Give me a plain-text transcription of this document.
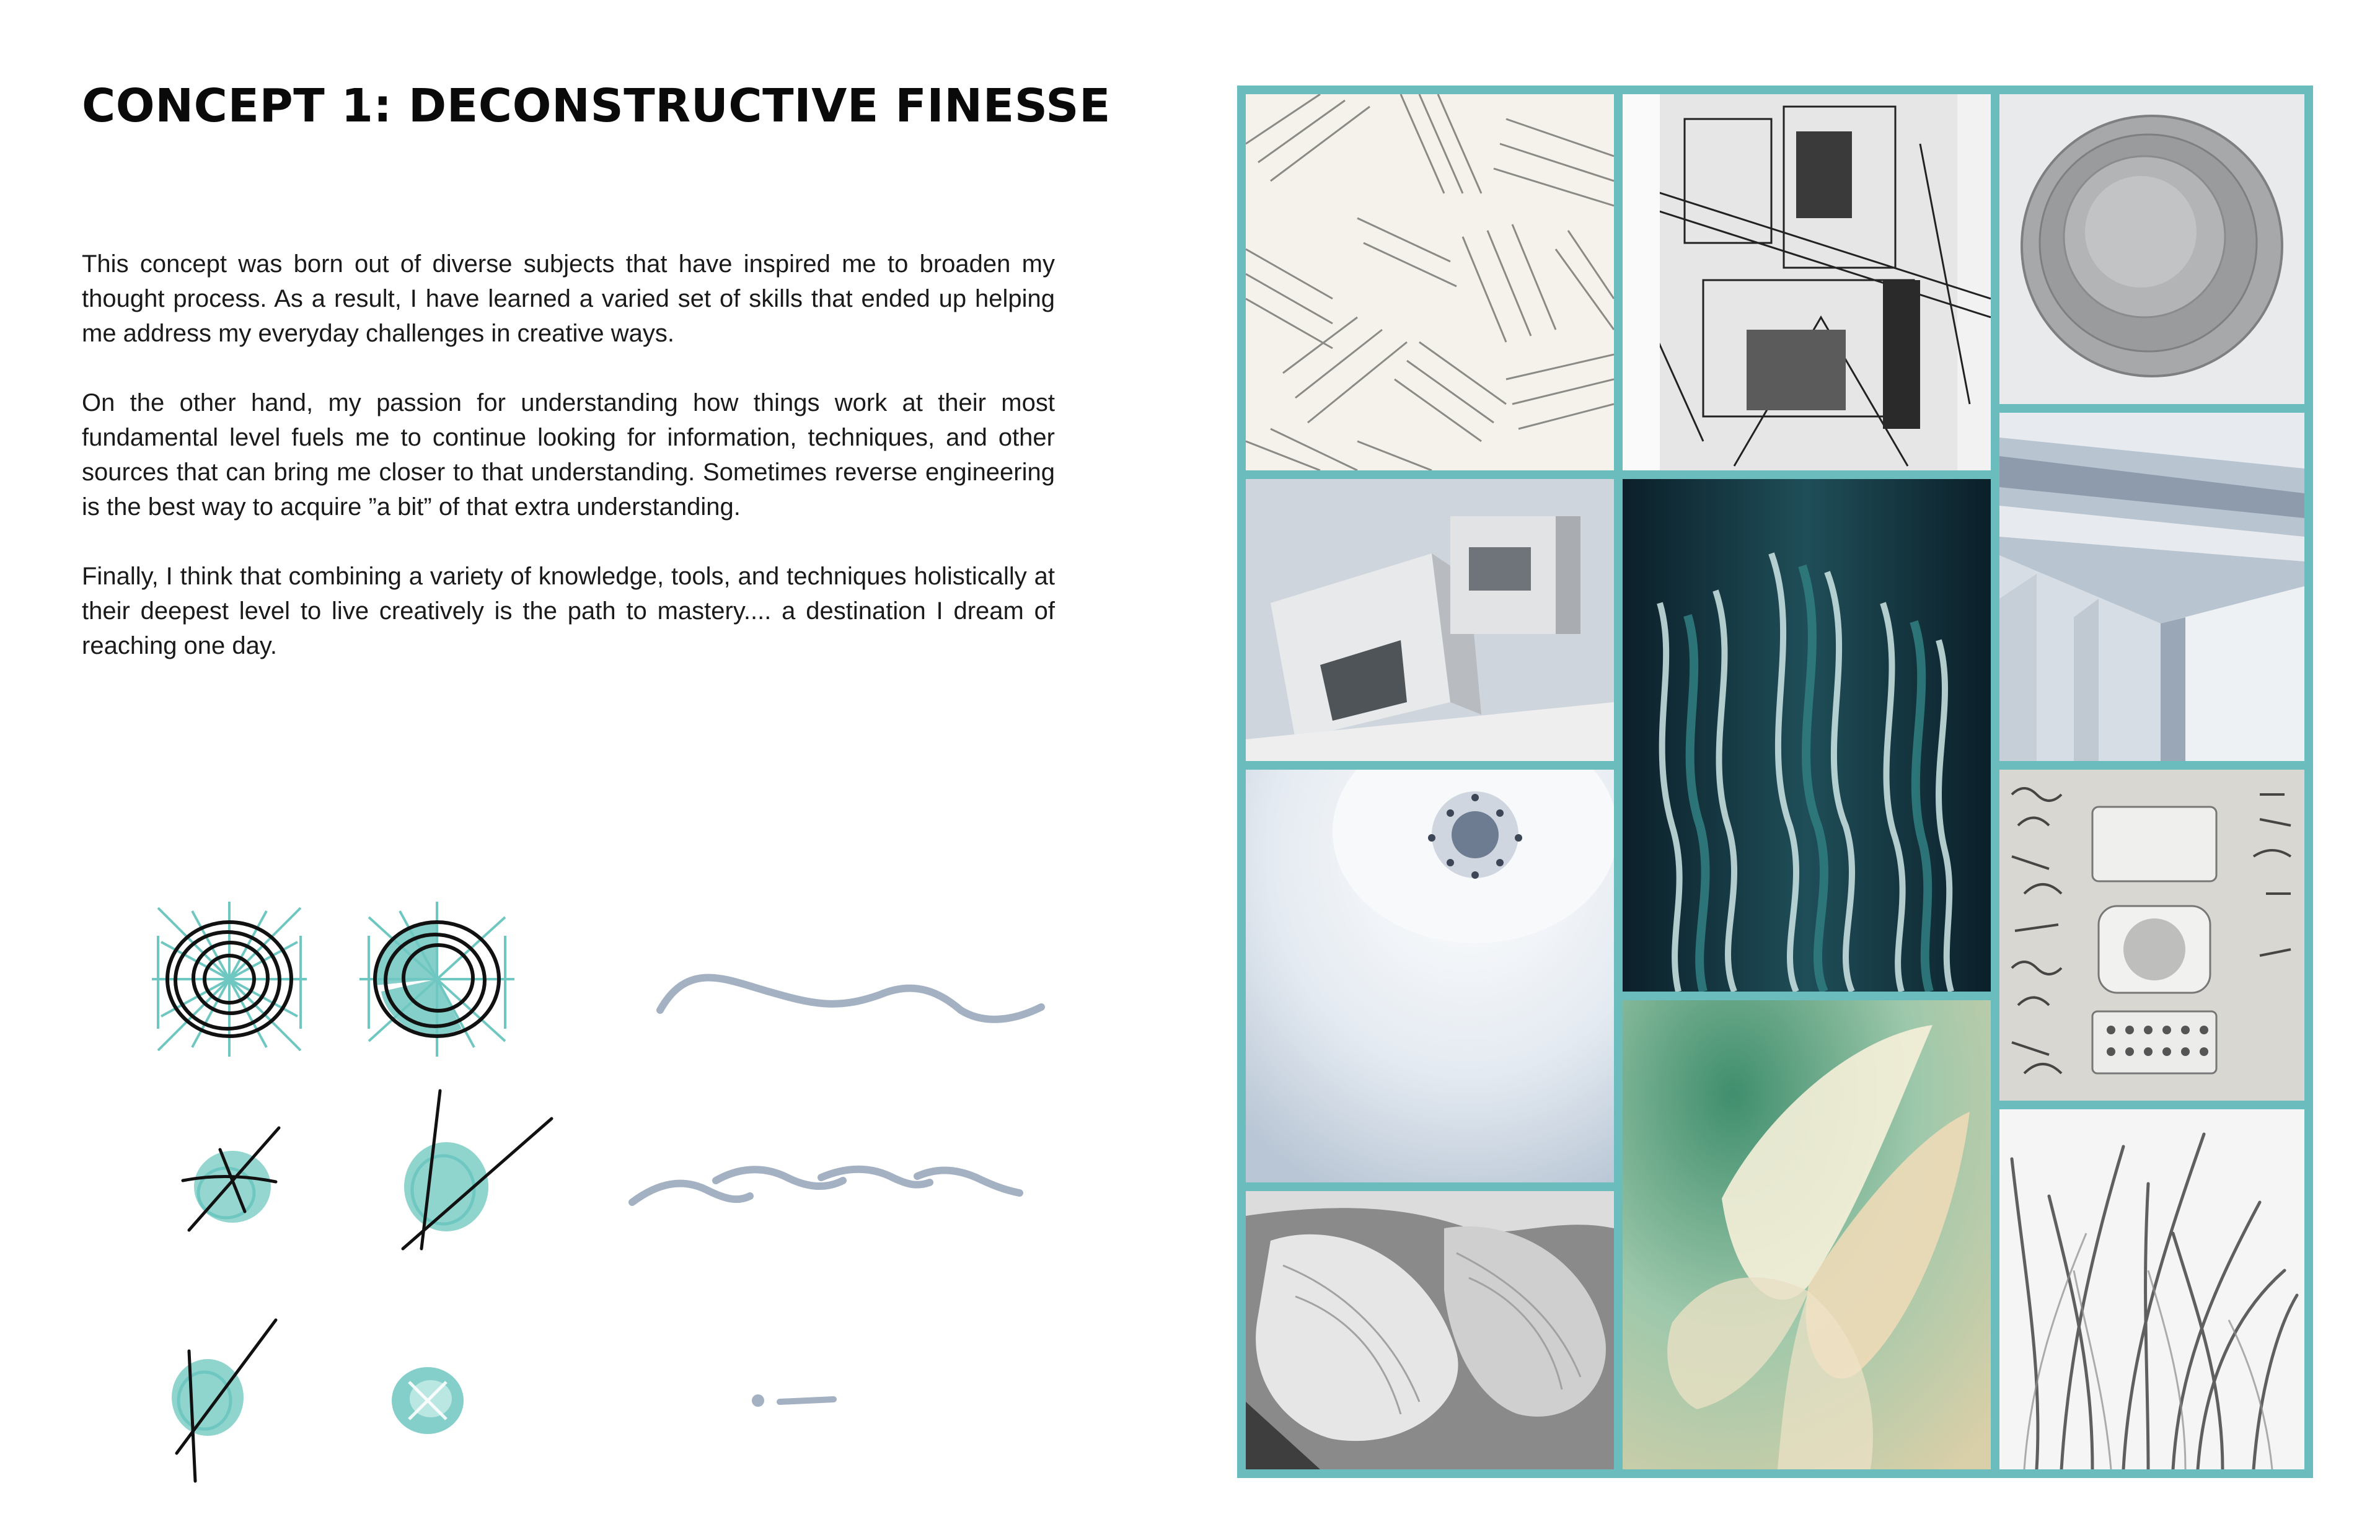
CONCEPT 1: DECONSTRUCTIVE FINESSE

This concept was born out of diverse subjects that have inspired me to broaden my thought process. As a result, I have learned a varied set of skills that ended up helping me address my everyday challenges in creative ways.

On the other hand, my passion for understanding how things work at their most fundamental level fuels me to continue looking for information, techniques, and other sources that can bring me closer to that understanding. Sometimes reverse engineering is the best way to acquire ”a bit” of that extra understanding.

Finally, I think that combining a variety of knowledge, tools, and techniques holistically at their deepest level to live creatively is the path to mastery.... a destination I dream of reaching one day.
